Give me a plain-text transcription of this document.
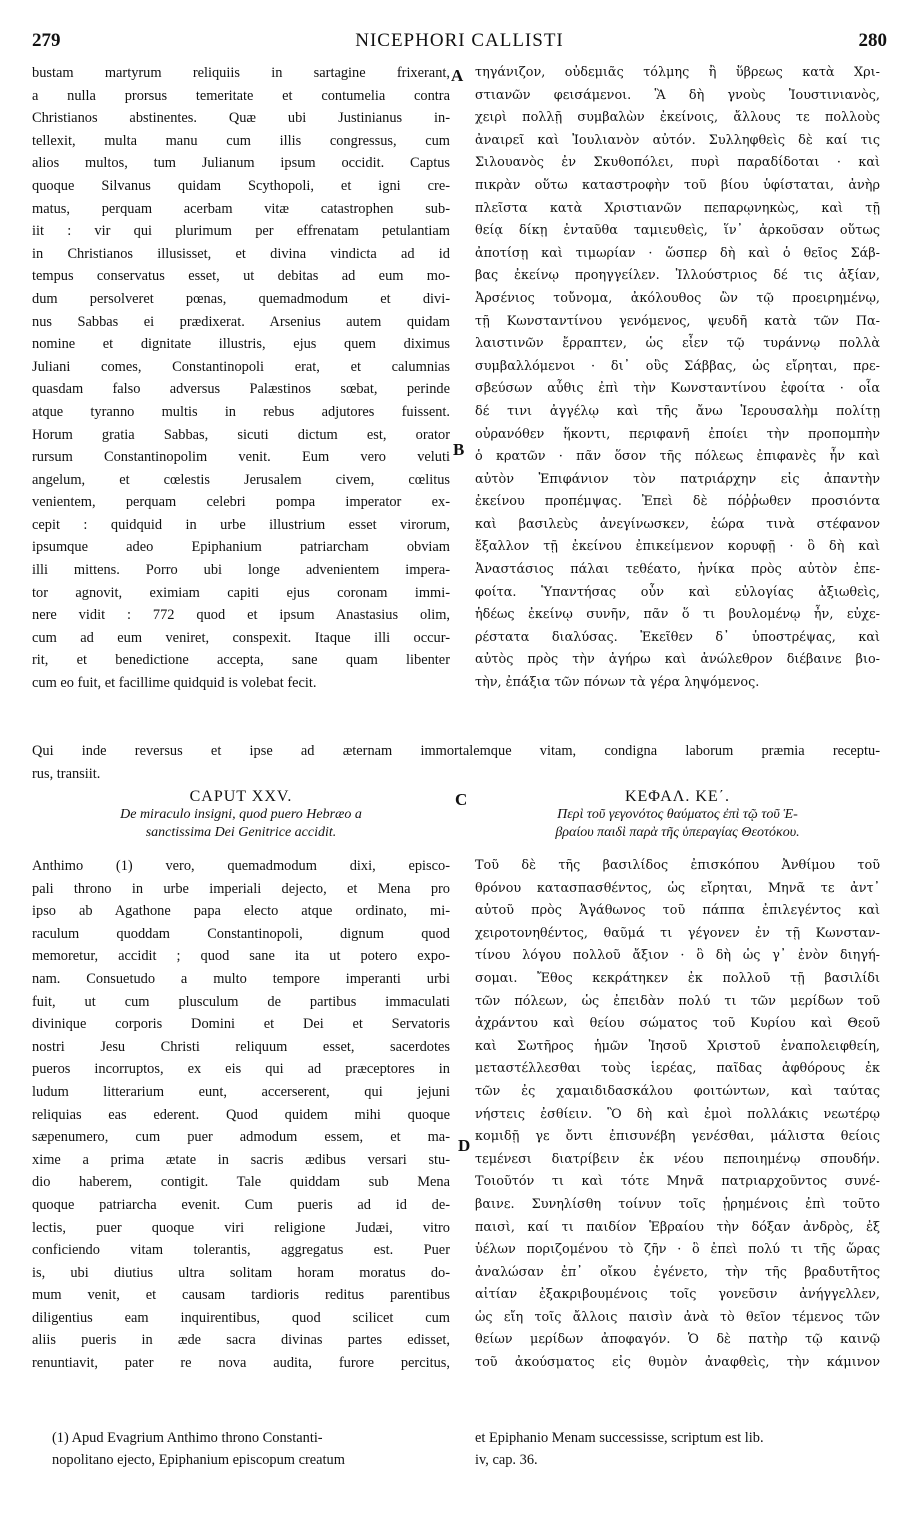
279	NICEPHORI CALLISTI	280
bustam martyrum reliquiis in sartagine frixerant,
a nulla prorsus temeritate et contumelia contra
Christianos abstinentes. Quæ ubi Justinianus in-
tellexit, multa manu cum illis congressus, cum
alios multos, tum Julianum ipsum occidit. Captus
quoque Silvanus quidam Scythopoli, et igni cre-
matus, perquam acerbam vitæ catastrophen sub-
iit : vir qui plurimum per effrenatam petulantiam
in Christianos illusisset, et divina vindicta ad id
tempus conservatus esset, ut debitas ad eum mo-
dum persolveret pœnas, quemadmodum et divi-
nus Sabbas ei prædixerat. Arsenius autem quidam
nomine et dignitate illustris, ejus quem diximus
Juliani comes, Constantinopoli erat, et calumnias
quasdam falso adversus Palæstinos sœbat, perinde
atque tyranno multis in rebus adjutores fuissent.
Horum gratia Sabbas, sicuti dictum est, orator
rursum Constantinopolim venit. Eum vero veluti
angelum, et cœlestis Jerusalem civem, cœlitus
venientem, perquam celebri pompa imperator ex-
cepit : quidquid in urbe illustrium esset virorum,
ipsumque adeo Epiphanium patriarcham obviam
illi mittens. Porro ubi longe advenientem impera-
tor agnovit, eximiam capiti ejus coronam immi-
nere vidit : 772 quod et ipsum Anastasius olim,
cum ad eum veniret, conspexit. Itaque illi occur-
rit, et benedictione accepta, sane quam libenter
cum eo fuit, et facillime quidquid is volebat fecit.
τηγάνιζον, οὐδεμιᾶς τόλμης ἢ ὕβρεως κατὰ Χρι-
στιανῶν φεισάμενοι. Ἃ δὴ γνοὺς Ἰουστινιανὸς,
χειρὶ πολλῇ συμβαλὼν ἐκείνοις, ἄλλους τε πολλοὺς
ἀναιρεῖ καὶ Ἰουλιανὸν αὐτόν. Συλληφθεὶς δὲ καί τις
Σιλουανὸς ἐν Σκυθοπόλει, πυρὶ παραδίδοται · καὶ
πικρὰν οὕτω καταστροφὴν τοῦ βίου ὑφίσταται, ἀνὴρ
πλεῖστα κατὰ Χριστιανῶν πεπαρῳνηκὼς, καὶ τῇ
θείᾳ δίκῃ ἐνταῦθα ταμιευθεὶς, ἵν᾽ ἀρκοῦσαν οὕτως
ἀποτίσῃ καὶ τιμωρίαν · ὥσπερ δὴ καὶ ὁ θεῖος Σάβ-
βας ἐκείνῳ προηγγείλεν. Ἰλλούστριος δέ τις ἀξίαν,
Ἀρσένιος τοὔνομα, ἀκόλουθος ὢν τῷ προειρημένῳ,
τῇ Κωνσταντίνου γενόμενος, ψευδῆ κατὰ τῶν Πα-
λαιστινῶν ἔρραπτεν, ὡς εἶεν τῷ τυράννῳ πολλὰ
συμβαλλόμενοι · δι᾽ οὓς Σάββας, ὡς εἴρηται, πρε-
σβεύσων αὖθις ἐπὶ τὴν Κωνσταντίνου ἐφοίτα · οἷα
δέ τινι ἀγγέλῳ καὶ τῆς ἄνω Ἱερουσαλὴμ πολίτῃ
οὐρανόθεν ἥκοντι, περιφανῆ ἐποίει τὴν προπομπὴν
ὁ κρατῶν · πᾶν ὅσον τῆς πόλεως ἐπιφανὲς ἦν καὶ
αὐτὸν Ἐπιφάνιον τὸν πατριάρχην εἰς ἀπαντὴν
ἐκείνου προπέμψας. Ἐπεὶ δὲ πόῤῥωθεν προσιόντα
καὶ βασιλεὺς ἀνεγίνωσκεν, ἑώρα τινὰ στέφανον
ἔξαλλον τῇ ἐκείνου ἐπικείμενον κορυφῇ · ὃ δὴ καὶ
Ἀναστάσιος πάλαι τεθέατο, ἡνίκα πρὸς αὐτὸν ἐπε-
φοίτα. Ὑπαντήσας οὖν καὶ εὐλογίας ἀξιωθεὶς,
ἡδέως ἐκείνῳ συνῆν, πᾶν ὅ τι βουλομένῳ ἦν, εὐχε-
ρέστατα διαλύσας. Ἐκεῖθεν δ᾽ ὑποστρέψας, καὶ
αὐτὸς πρὸς τὴν ἀγήρω καὶ ἀνώλεθρον διέβαινε βιο-
τὴν, ἐπάξια τῶν πόνων τὰ γέρα ληψόμενος.
A
B
C
D
Qui inde reversus et ipse ad æternam immortalemque vitam, condigna laborum præmia receptu-
rus, transiit.
CAPUT XXV.
De miraculo insigni, quod puero Hebræo a
sanctissima Dei Genitrice accidit.
ΚΕΦΑΛ. ΚΕ΄.
Περὶ τοῦ γεγονότος θαύματος ἐπὶ τῷ τοῦ Ἑ-
βραίου παιδὶ παρὰ τῆς ὑπεραγίας Θεοτόκου.
Anthimo (1) vero, quemadmodum dixi, episco-
pali throno in urbe imperiali dejecto, et Mena pro
ipso ab Agathone papa electo atque ordinato, mi-
raculum quoddam Constantinopoli, dignum quod
memoretur, accidit ; quod sane ita ut potero expo-
nam. Consuetudo a multo tempore imperanti urbi
fuit, ut cum plusculum de partibus immaculati
divinique corporis Domini et Dei et Servatoris
nostri Jesu Christi reliquum esset, sacerdotes
pueros incorruptos, ex eis qui ad præceptores in
ludum litterarium eunt, accerserent, qui jejuni
reliquias eas ederent. Quod quidem mihi quoque
sæpenumero, cum puer admodum essem, et ma-
xime a prima ætate in sacris ædibus versari stu-
dio haberem, contigit. Tale quiddam sub Mena
quoque patriarcha evenit. Cum pueris ad id de-
lectis, puer quoque viri religione Judæi, vitro
conficiendo vitam tolerantis, aggregatus est. Puer
is, ubi diutius ultra solitam horam moratus do-
mum venit, et causam tardioris reditus parentibus
diligentius eam inquirentibus, quod scilicet cum
aliis pueris in æde sacra divinas partes edisset,
renuntiavit, pater re nova audita, furore percitus,
Τοῦ δὲ τῆς βασιλίδος ἐπισκόπου Ἀνθίμου τοῦ
θρόνου κατασπασθέντος, ὡς εἴρηται, Μηνᾶ τε ἀντ᾽
αὐτοῦ πρὸς Ἀγάθωνος τοῦ πάππα ἐπιλεγέντος καὶ
χειροτονηθέντος, θαῦμά τι γέγονεν ἐν τῇ Κωνσταν-
τίνου λόγου πολλοῦ ἄξιον · ὃ δὴ ὡς γ᾽ ἐνὸν διηγή-
σομαι. Ἔθος κεκράτηκεν ἐκ πολλοῦ τῇ βασιλίδι
τῶν πόλεων, ὡς ἐπειδὰν πολύ τι τῶν μερίδων τοῦ
ἀχράντου καὶ θείου σώματος τοῦ Κυρίου καὶ Θεοῦ
καὶ Σωτῆρος ἡμῶν Ἰησοῦ Χριστοῦ ἐναπολειφθείη,
μεταστέλλεσθαι τοὺς ἱερέας, παῖδας ἀφθόρους ἐκ
τῶν ἐς χαμαιδιδασκάλου φοιτώντων, καὶ ταύτας
νήστεις ἐσθίειν. Ὃ δὴ καὶ ἐμοὶ πολλάκις νεωτέρῳ
κομιδῇ γε ὄντι ἐπισυνέβη γενέσθαι, μάλιστα θείοις
τεμένεσι διατρίβειν ἐκ νέου πεποιημένῳ σπουδήν.
Τοιοῦτόν τι καὶ τότε Μηνᾶ πατριαρχοῦντος συνέ-
βαινε. Συνηλίσθη τοίνυν τοῖς ᾑρημένοις ἐπὶ τοῦτο
παισὶ, καί τι παιδίον Ἑβραίου τὴν δόξαν ἀνδρὸς, ἐξ
ὑέλων ποριζομένου τὸ ζῆν · ὃ ἐπεὶ πολύ τι τῆς ὥρας
ἀναλώσαν ἐπ᾽ οἴκου ἐγένετο, τὴν τῆς βραδυτῆτος
αἰτίαν ἐξακριβουμένοις τοῖς γονεῦσιν ἀνήγγελλεν,
ὡς εἴη τοῖς ἄλλοις παισὶν ἀνὰ τὸ θεῖον τέμενος τῶν
θείων μερίδων ἀποφαγόν. Ὁ δὲ πατὴρ τῷ καινῷ
τοῦ ἀκούσματος εἰς θυμὸν ἀναφθεὶς, τὴν κάμινον
(1) Apud Evagrium Anthimo throno Constanti-
nopolitano ejecto, Epiphanium episcopum creatum
et Epiphanio Menam successisse, scriptum est lib.
iv, cap. 36.
